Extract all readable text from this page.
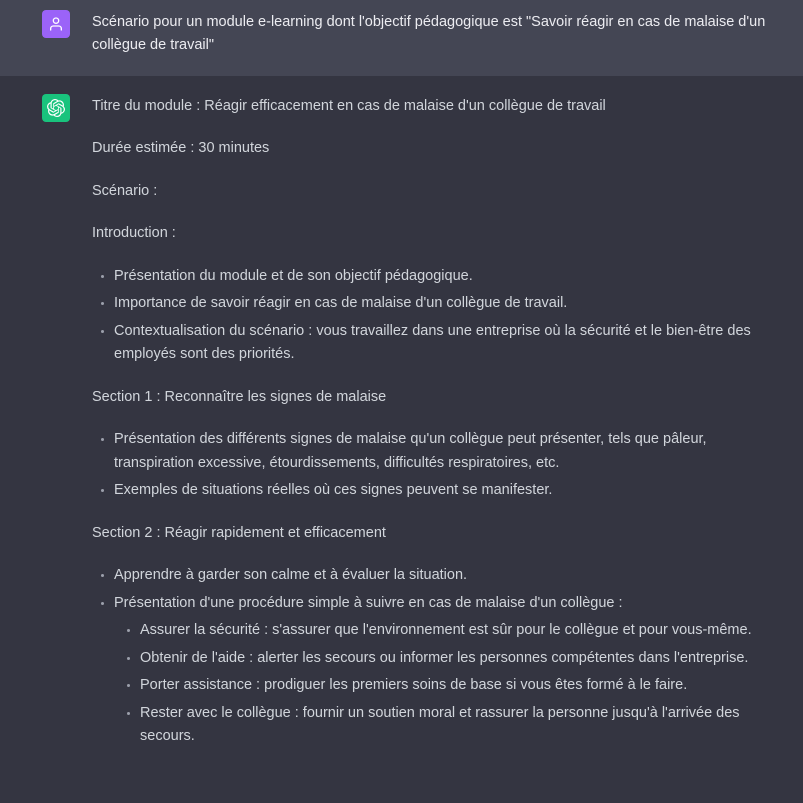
Scénario pour un module e-learning dont l'objectif pédagogique est "Savoir réagir en cas de malaise d'un collègue de travail"

Titre du module : Réagir efficacement en cas de malaise d'un collègue de travail

Durée estimée : 30 minutes

Scénario :

Introduction :

Présentation du module et de son objectif pédagogique.
Importance de savoir réagir en cas de malaise d'un collègue de travail.
Contextualisation du scénario : vous travaillez dans une entreprise où la sécurité et le bien-être des employés sont des priorités.

Section 1 : Reconnaître les signes de malaise

Présentation des différents signes de malaise qu'un collègue peut présenter, tels que pâleur, transpiration excessive, étourdissements, difficultés respiratoires, etc.
Exemples de situations réelles où ces signes peuvent se manifester.

Section 2 : Réagir rapidement et efficacement

Apprendre à garder son calme et à évaluer la situation.
Présentation d'une procédure simple à suivre en cas de malaise d'un collègue :
Assurer la sécurité : s'assurer que l'environnement est sûr pour le collègue et pour vous-même.
Obtenir de l'aide : alerter les secours ou informer les personnes compétentes dans l'entreprise.
Porter assistance : prodiguer les premiers soins de base si vous êtes formé à le faire.
Rester avec le collègue : fournir un soutien moral et rassurer la personne jusqu'à l'arrivée des secours.
